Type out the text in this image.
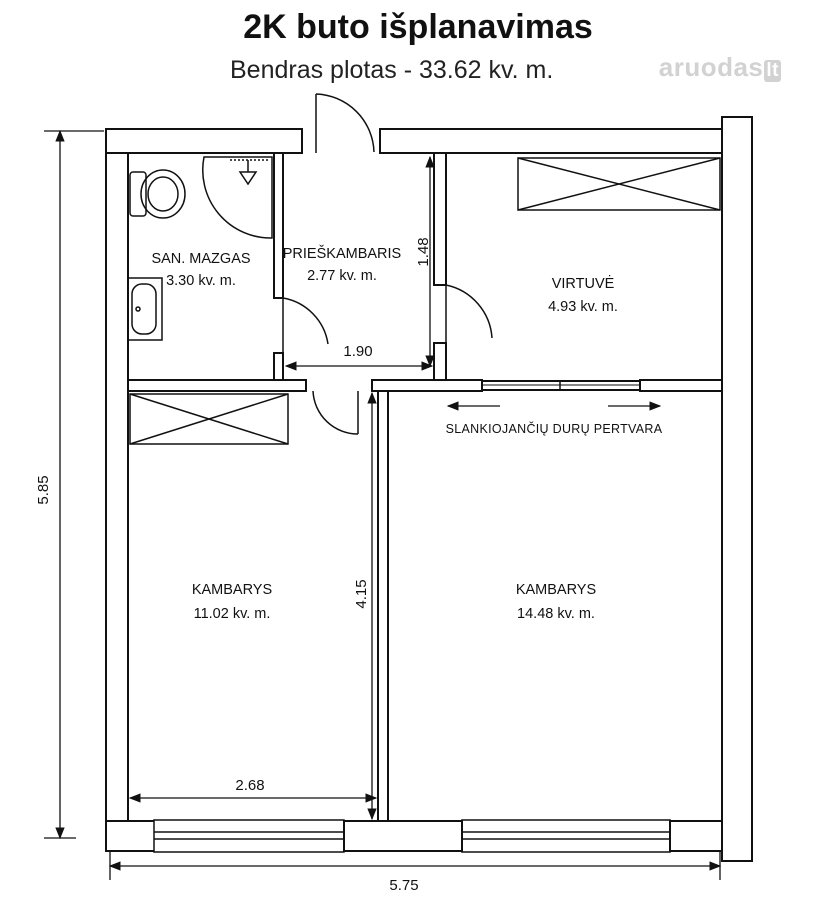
2K buto išplanavimas
Bendras plotas - 33.62 kv. m.	aruodas lt
SAN. MAZGAS
3.30 kv. m.
PRIEŠKAMBARIS
2.77 kv. m.	VIRTUVĖ
4.93 kv. m.
KAMBARYS
11.02 kv. m.
KAMBARYS
14.48 kv. m.
SLANKIOJANČIŲ DURŲ PERTVARA
5.85
5.75
1.48
1.90
4.15
2.68
